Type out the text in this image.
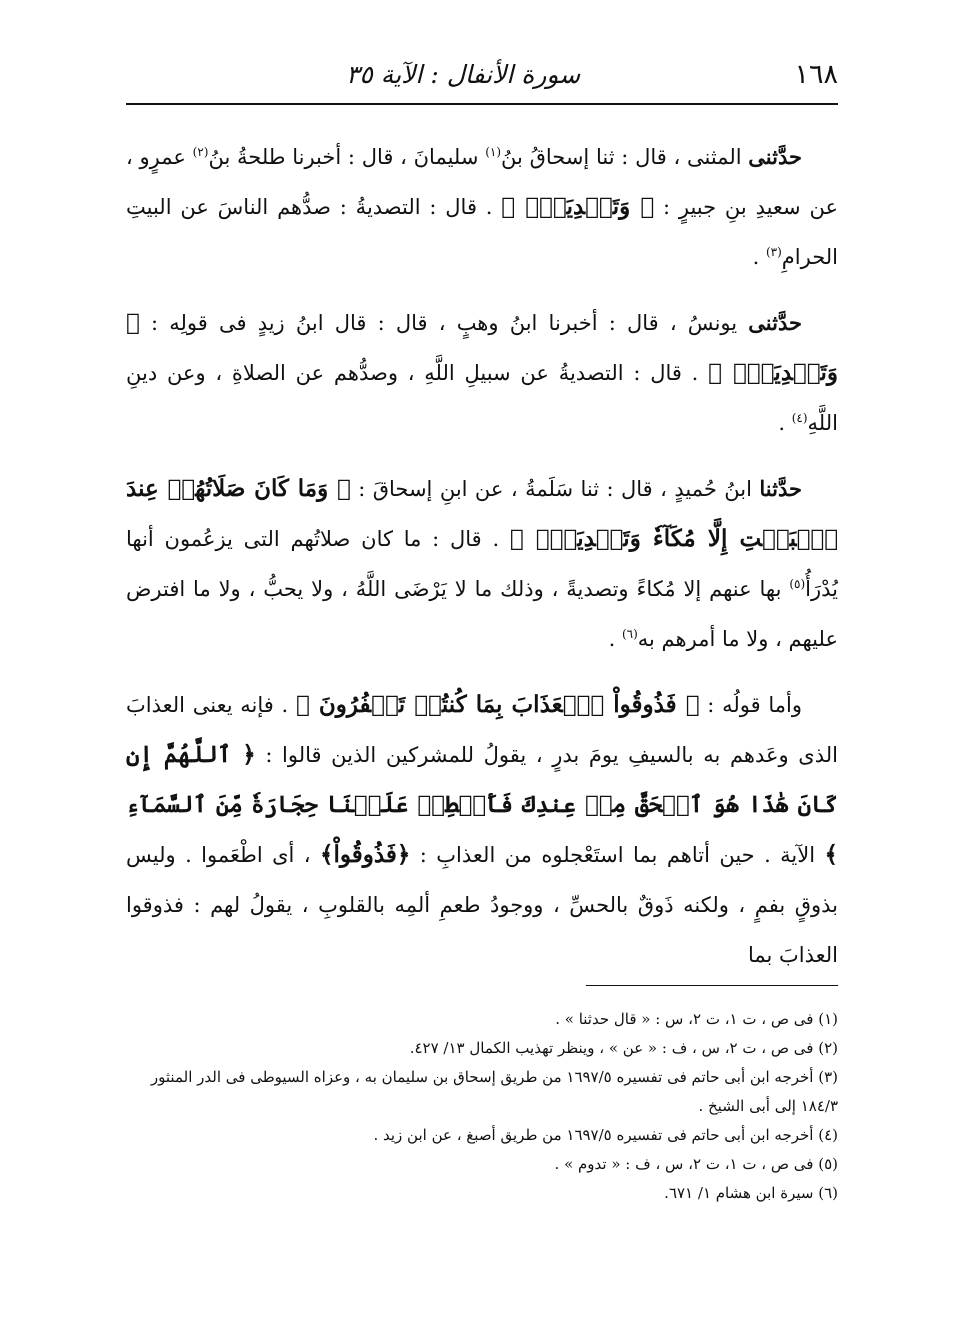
١٦٨
سورة الأنفال : الآية ٣٥

حدَّثنى المثنى ، قال : ثنا إسحاقُ بنُ$^{(١)}$ سليمانَ ، قال : أخبرنا طلحةُ بنُ$^{(٢)}$ عمرٍو ، عن سعيدِ بنِ جبيرٍ : ﴿ وَتَصۡدِيَةٗۚ ﴾ . قال : التصديةُ : صدُّهم الناسَ عن البيتِ الحرامِ$^{(٣)}$ .

حدَّثنى يونسُ ، قال : أخبرنا ابنُ وهبٍ ، قال : قال ابنُ زيدٍ فى قولِه : ﴿ وَتَصۡدِيَةٗۚ ﴾ . قال : التصديةُ عن سبيلِ اللَّهِ ، وصدُّهم عن الصلاةِ ، وعن دينِ اللَّهِ$^{(٤)}$ .

حدَّثنا ابنُ حُميدٍ ، قال : ثنا سَلَمةُ ، عن ابنِ إسحاقَ : ﴿ وَمَا كَانَ صَلَاتُهُمۡ عِندَ ٱلۡبَيۡتِ إِلَّا مُكَآءٗ وَتَصۡدِيَةٗۚ ﴾ . قال : ما كان صلاتُهم التى يزعُمون أنها يُدْرَأُ$^{(٥)}$ بها عنهم إلا مُكاءً وتصديةً ، وذلك ما لا يَرْضَى اللَّهُ ، ولا يحبُّ ، ولا ما افترض عليهم ، ولا ما أمرهم به$^{(٦)}$ .

وأما قولُه : ﴿ فَذُوقُواْ ٱلۡعَذَابَ بِمَا كُنتُمۡ تَكۡفُرُونَ ﴾ . فإنه يعنى العذابَ الذى وعَدهم به بالسيفِ يومَ بدرٍ ، يقولُ للمشركين الذين قالوا : ﴿ ٱللَّهُمَّ إِن كَانَ هَٰذَا هُوَ ٱلۡحَقَّ مِنۡ عِندِكَ فَأَمۡطِرۡ عَلَيۡنَا حِجَارَةٗ مِّنَ ٱلسَّمَآءِ ﴾ الآية . حين أتاهم بما استَعْجلوه من العذابِ : ﴿فَذُوقُواْ﴾ ، أى اطْعَموا . وليس بذوقٍ بفمٍ ، ولكنه ذَوقٌ بالحسِّ ، ووجودُ طعمِ ألمِه بالقلوبِ ، يقولُ لهم : فذوقوا العذابَ بما

(١) فى ص ، ت ١، ت ٢، س : « قال حدثنا » .

(٢) فى ص ، ت ٢، س ، ف : « عن » ، وينظر تهذيب الكمال ١٣/ ٤٢٧.

(٣) أخرجه ابن أبى حاتم فى تفسيره ١٦٩٧/٥ من طريق إسحاق بن سليمان به ، وعزاه السيوطى فى الدر المنثور ١٨٤/٣ إلى أبى الشيخ .

(٤) أخرجه ابن أبى حاتم فى تفسيره ١٦٩٧/٥ من طريق أصبغ ، عن ابن زيد .

(٥) فى ص ، ت ١، ت ٢، س ، ف : « تدوم » .

(٦) سيرة ابن هشام ١/ ٦٧١.
